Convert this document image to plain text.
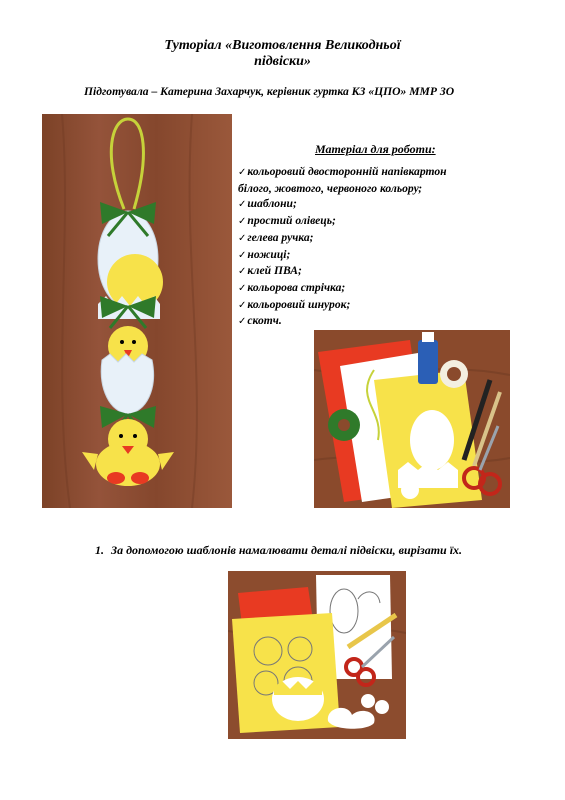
Туторіал «Виготовлення Великодньої
підвіски»
Підготувала – Катерина Захарчук, керівник гуртка КЗ «ЦПО» ММР ЗО
Матеріал для роботи:
✓кольоровий двосторонній напівкартон
білого, жовтого, червоного кольору;
✓шаблони;
✓простий олівець;
✓гелева ручка;
✓ножиці;
✓клей ПВА;
✓кольорова стрічка;
✓кольоровий шнурок;
✓скотч.
1. За допомогою шаблонів намалювати деталі підвіски, вирізати їх.
